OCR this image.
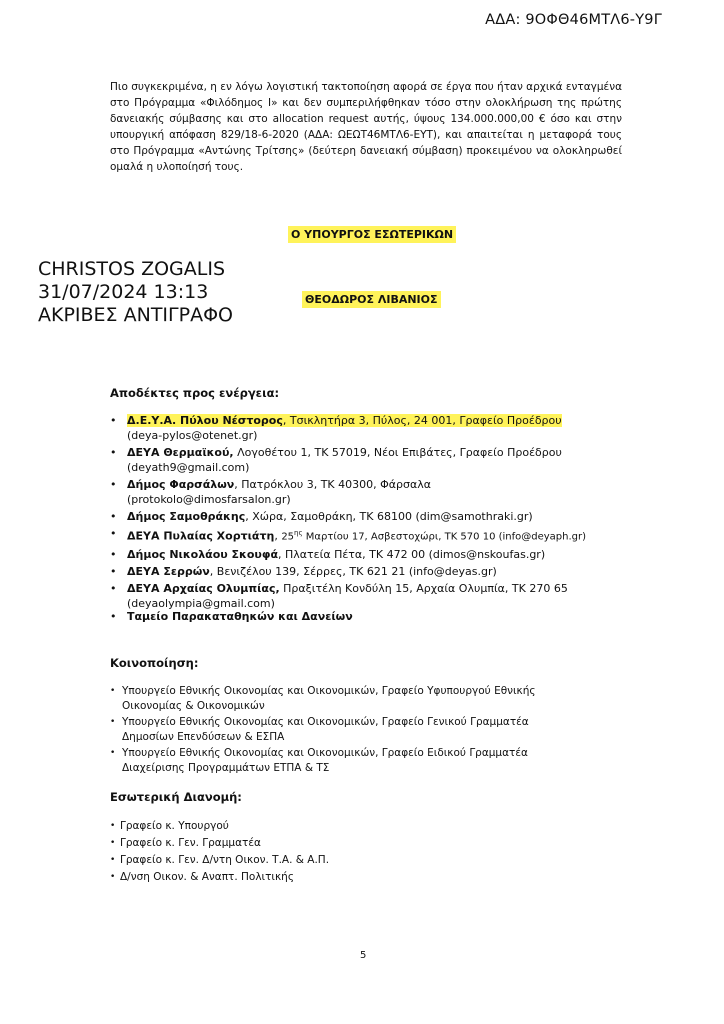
ΑΔΑ: 9ΟΦΘ46ΜΤΛ6-Υ9Γ
Πιο συγκεκριμένα, η εν λόγω λογιστική τακτοποίηση αφορά σε έργα που ήταν αρχικά ενταγμένα στο Πρόγραμμα «Φιλόδημος Ι» και δεν συμπεριλήφθηκαν τόσο στην ολοκλήρωση της πρώτης δανειακής σύμβασης και στο allocation request αυτής, ύψους 134.000.000,00 € όσο και στην υπουργική απόφαση 829/18-6-2020 (ΑΔΑ: ΩΕΩΤ46ΜΤΛ6-ΕΥΤ), και απαιτείται η μεταφορά τους στο Πρόγραμμα «Αντώνης Τρίτσης» (δεύτερη δανειακή σύμβαση) προκειμένου να ολοκληρωθεί ομαλά η υλοποίησή τους.
Ο ΥΠΟΥΡΓΟΣ ΕΣΩΤΕΡΙΚΩΝ
CHRISTOS ZOGALIS
31/07/2024 13:13
ΑΚΡΙΒΕΣ ΑΝΤΙΓΡΑΦΟ
ΘΕΟΔΩΡΟΣ ΛΙΒΑΝΙΟΣ
Αποδέκτες προς ενέργεια:
• Δ.Ε.Υ.Α. Πύλου Νέστορος, Τσικλητήρα 3, Πύλος, 24 001, Γραφείο Προέδρου
(deya-pylos@otenet.gr)
• ΔΕΥΑ Θερμαϊκού, Λογοθέτου 1, ΤΚ 57019, Νέοι Επιβάτες, Γραφείο Προέδρου
(deyath9@gmail.com)
• Δήμος Φαρσάλων, Πατρόκλου 3, ΤΚ 40300, Φάρσαλα
(protokolo@dimosfarsalon.gr)
• Δήμος Σαμοθράκης, Χώρα, Σαμοθράκη, ΤΚ 68100 (dim@samothraki.gr)
• ΔΕΥΑ Πυλαίας Χορτιάτη, $25^{\eta\varsigma}$ Μαρτίου 17, Ασβεστοχώρι, ΤΚ 570 10 (info@deyaph.gr)
• Δήμος Νικολάου Σκουφά, Πλατεία Πέτα, ΤΚ 472 00 (dimos@nskoufas.gr)
• ΔΕΥΑ Σερρών, Βενιζέλου 139, Σέρρες, ΤΚ 621 21 (info@deyas.gr)
• ΔΕΥΑ Αρχαίας Ολυμπίας, Πραξιτέλη Κονδύλη 15, Αρχαία Ολυμπία, ΤΚ 270 65
(deyaolympia@gmail.com)
• Ταμείο Παρακαταθηκών και Δανείων
Κοινοποίηση:
• Υπουργείο Εθνικής Οικονομίας και Οικονομικών, Γραφείο Υφυπουργού Εθνικής
Οικονομίας & Οικονομικών
• Υπουργείο Εθνικής Οικονομίας και Οικονομικών, Γραφείο Γενικού Γραμματέα
Δημοσίων Επενδύσεων & ΕΣΠΑ
• Υπουργείο Εθνικής Οικονομίας και Οικονομικών, Γραφείο Ειδικού Γραμματέα
Διαχείρισης Προγραμμάτων ΕΤΠΑ & ΤΣ
Εσωτερική Διανομή:
• Γραφείο κ. Υπουργού
• Γραφείο κ. Γεν. Γραμματέα
• Γραφείο κ. Γεν. Δ/ντη Οικον. Τ.Α. & Α.Π.
• Δ/νση Οικον. & Αναπτ. Πολιτικής
5
